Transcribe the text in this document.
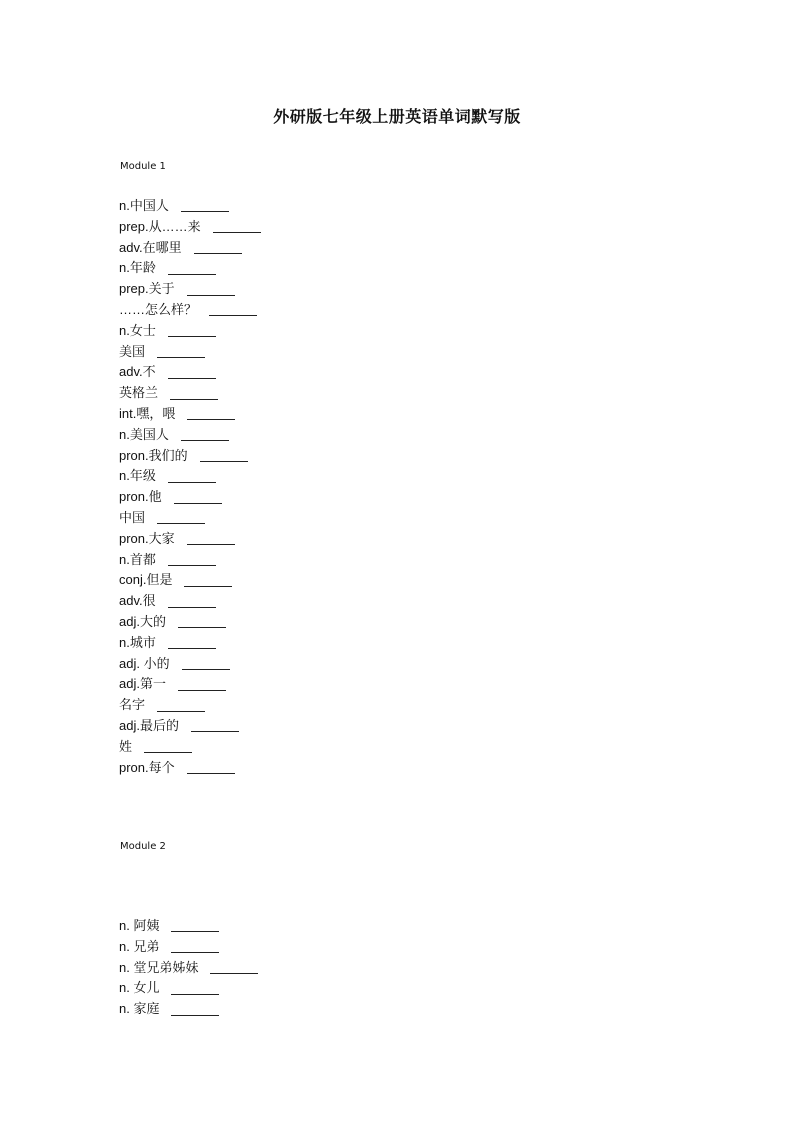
外研版七年级上册英语单词默写版
Module 1
n.中国人
prep.从……来
adv.在哪里
n.年龄
prep.关于
……怎么样？
n.女士
美国
adv.不
英格兰
int.嘿，喂
n.美国人
pron.我们的
n.年级
pron.他
中国
pron.大家
n.首都
conj.但是
adv.很
adj.大的
n.城市
adj. 小的
adj.第一
名字
adj.最后的
姓
pron.每个
Module 2
n. 阿姨
n. 兄弟
n. 堂兄弟姊妹
n. 女儿
n. 家庭
